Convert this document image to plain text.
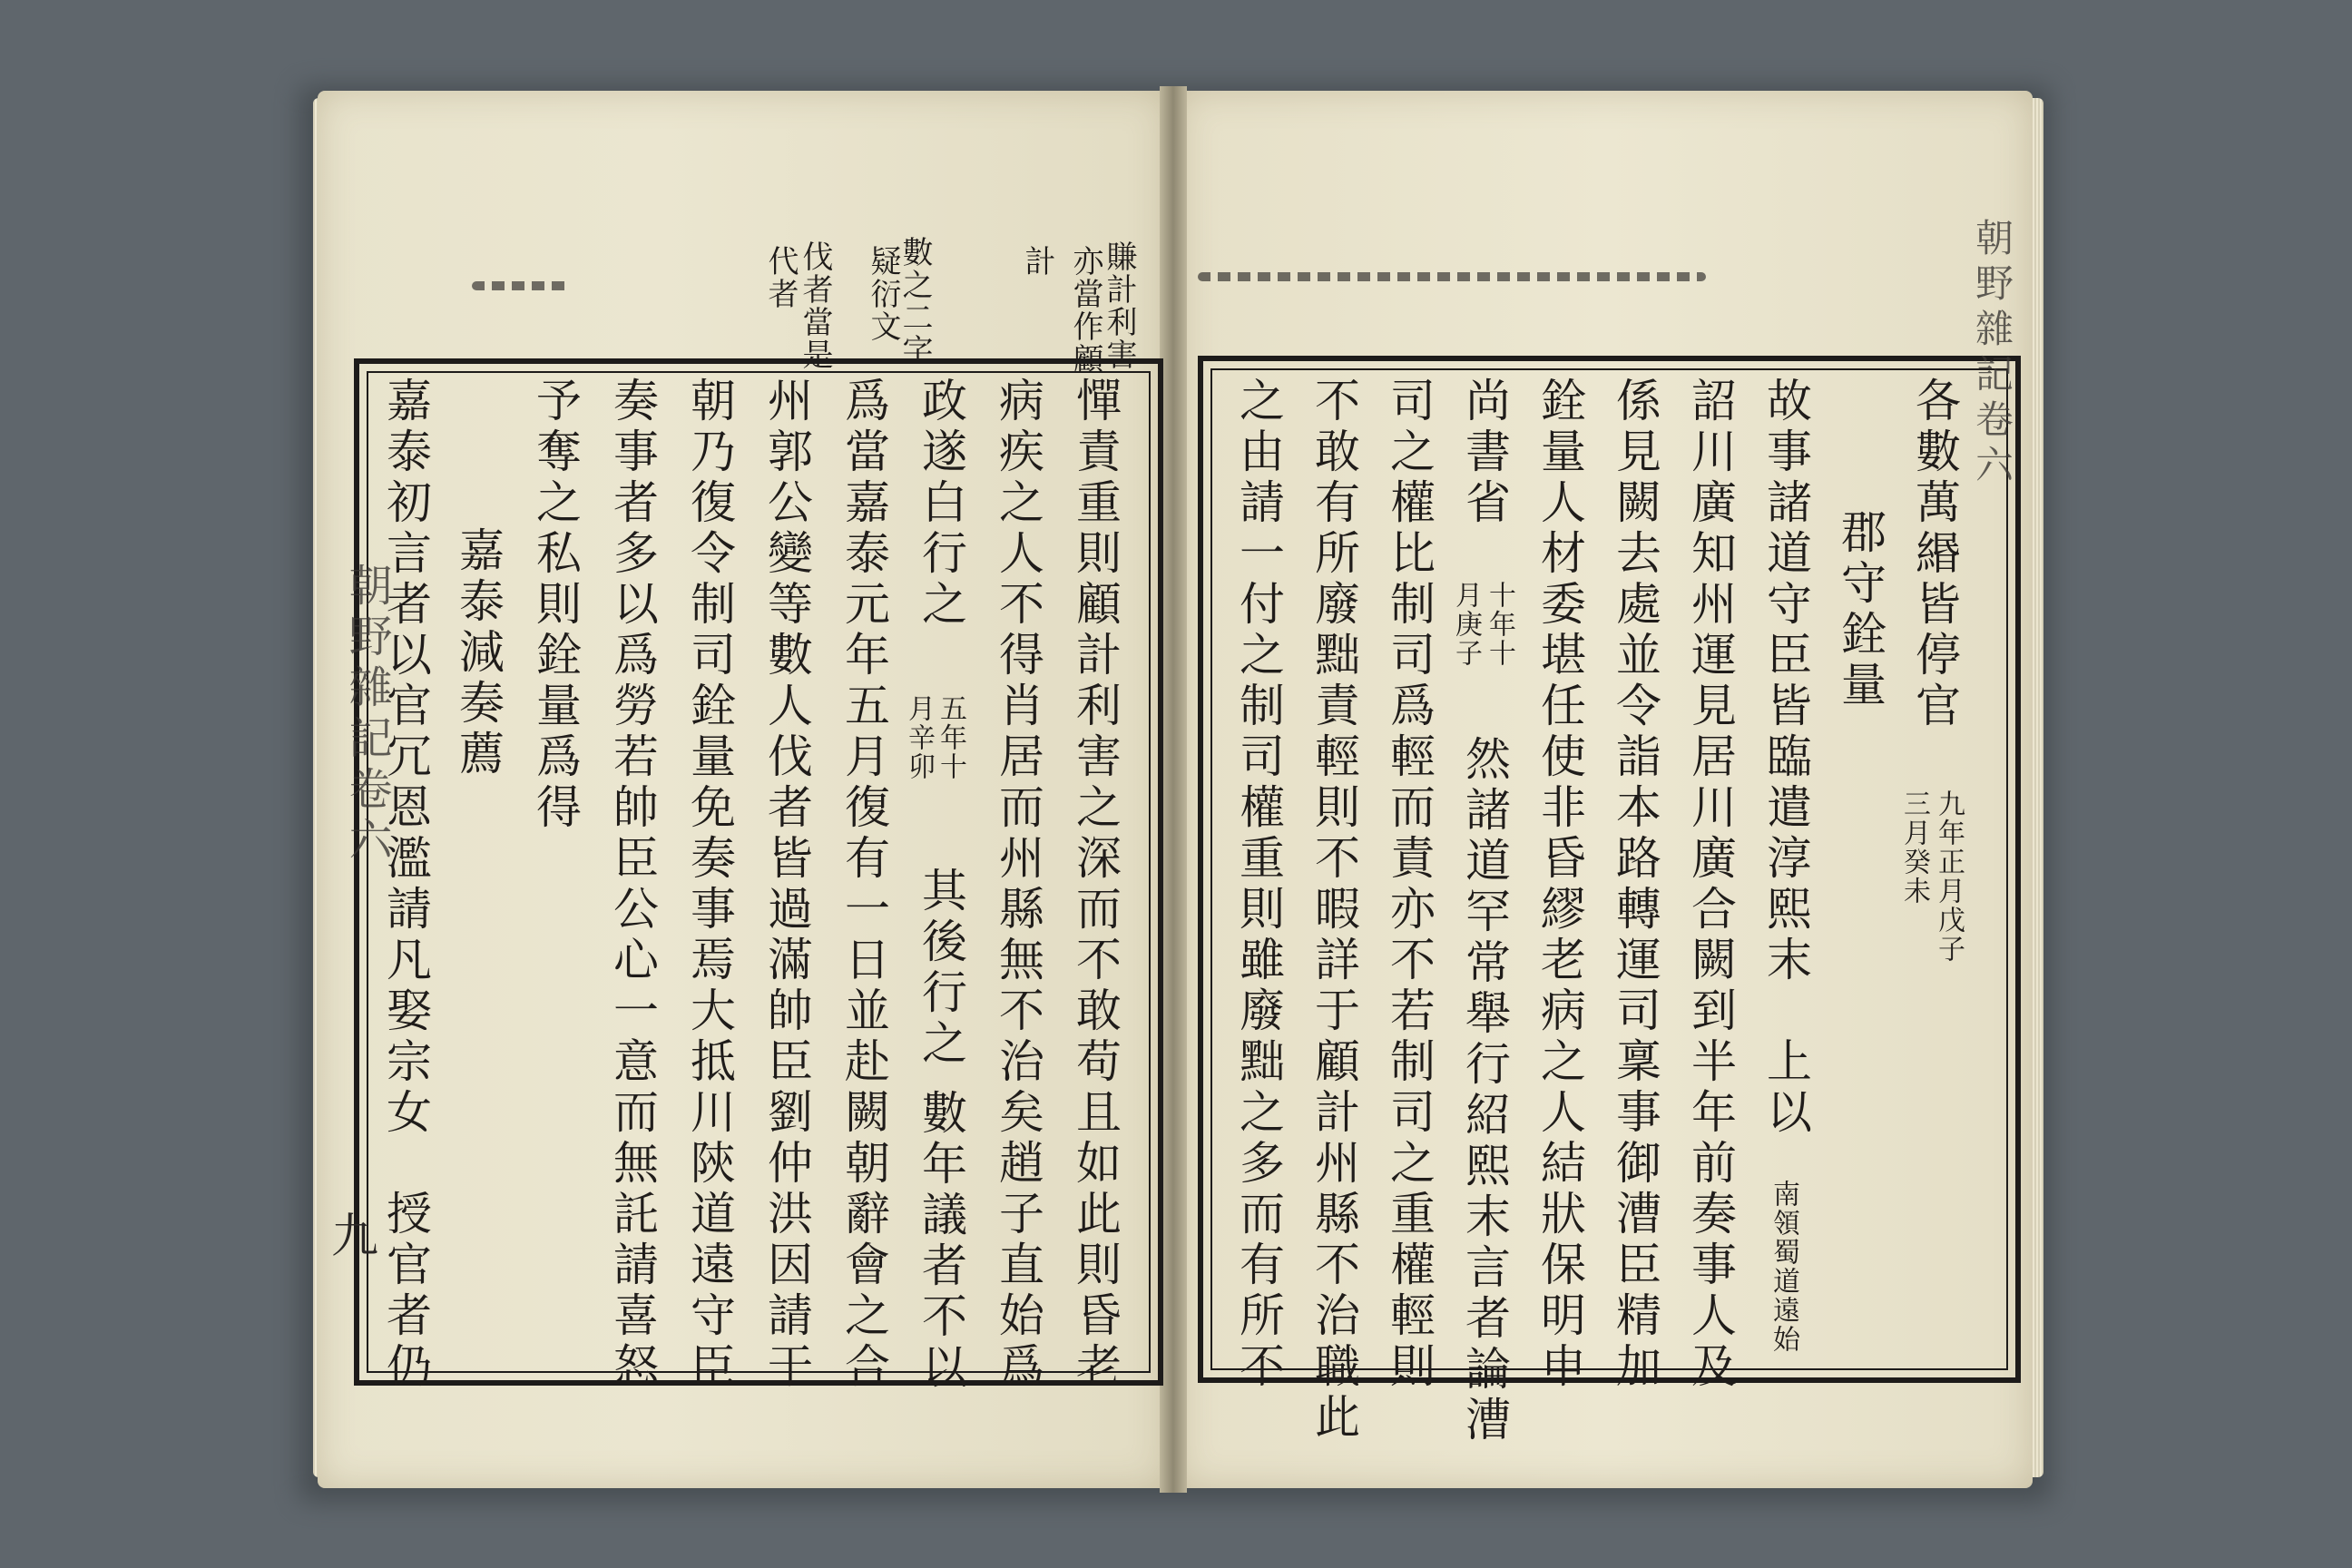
賺計利害
亦當作顧
計
數之二字
疑衍文
伐者當是
代者
憚責重則顧計利害之深而不敢苟且如此則昏老
病疾之人不得肖居而州縣無不治矣趙子直始爲
政遂白行之
五年十
月辛卯
其後行之
數年議者不以
爲當嘉泰元年五月復有一日並赴闕朝辭會之合
州郭公變等數人伐者皆過滿帥臣劉仲洪因請干
朝乃復令制司銓量免奏事焉大抵川陝道遠守臣
奏事者多以爲勞若帥臣公心一意而無託請喜怒
予奪之私則銓量爲得
嘉泰減奏薦
嘉泰初言者以官冗恩濫請凡娶宗女　授官者仍
朝野雜記卷六
九
各數萬緡皆停官
九年正月戊子
三月癸未
郡守銓量
故事諸道守臣皆臨遣淳熙末　上以
南領蜀道遠始
詔川廣知州運見居川廣合闕到半年前奏事人及
係見闕去處並令詣本路轉運司稟事御漕臣精加
銓量人材委堪任使非昏繆老病之人結狀保明申
尚書省
十年十
月庚子
然諸道罕常舉行紹熙末言者論漕
司之權比制司爲輕而責亦不若制司之重權輕則
不敢有所廢黜責輕則不暇詳于顧計州縣不治職此
之由請一付之制司權重則雖廢黜之多而有所不
朝野雜記卷六
